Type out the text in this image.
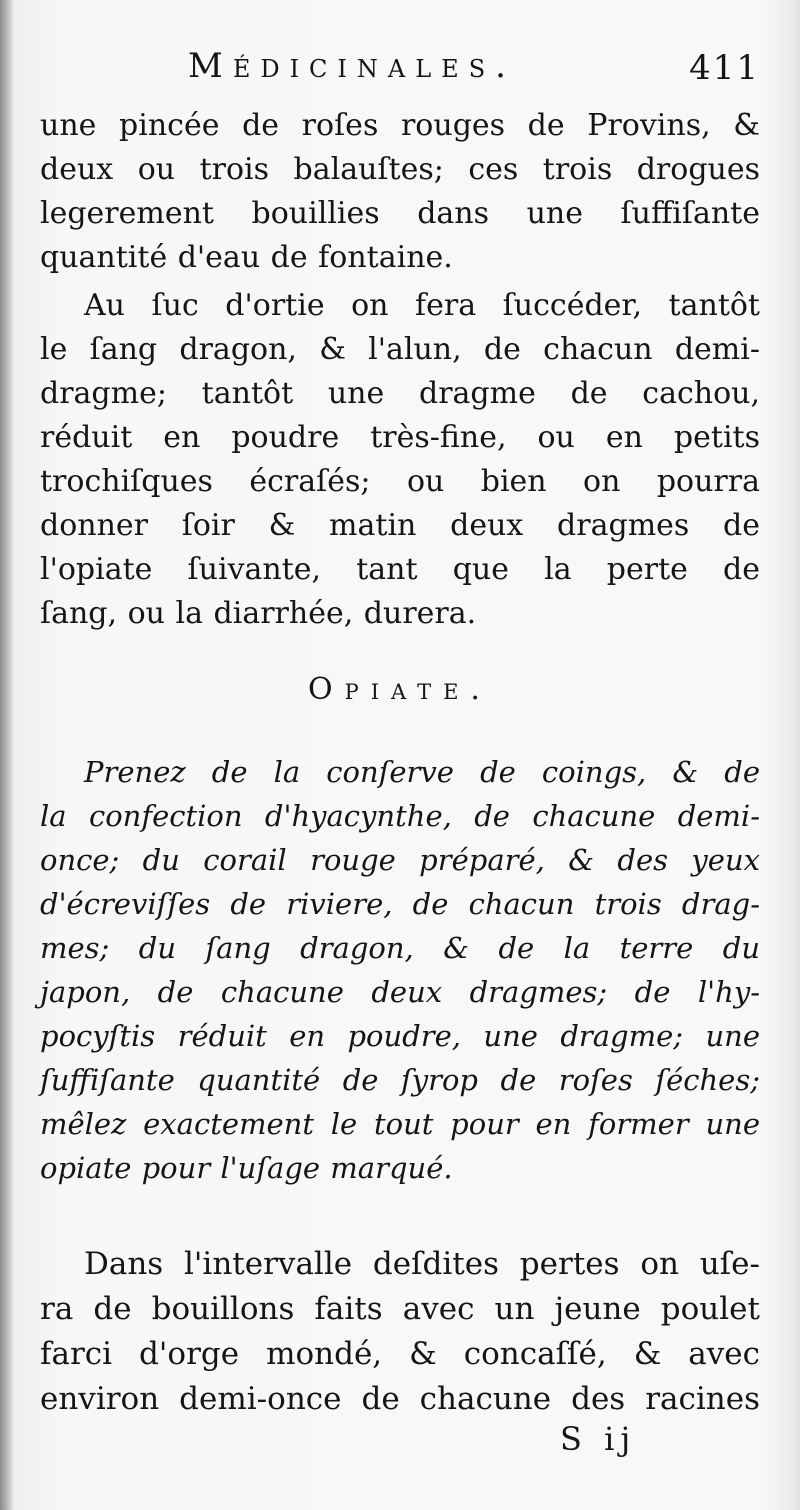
Médicinales.	411
une pincée de roſes rouges de Provins, &
deux ou trois balauſtes; ces trois drogues
legerement bouillies dans une ſuffiſante
quantité d'eau de fontaine.
Au ſuc d'ortie on fera ſuccéder, tantôt
le ſang dragon, & l'alun, de chacun demi-
dragme; tantôt une dragme de cachou,
réduit en poudre très-fine, ou en petits
trochiſques écraſés; ou bien on pourra
donner ſoir & matin deux dragmes de
l'opiate ſuivante, tant que la perte de
ſang, ou la diarrhée, durera.
Opiate.
Prenez de la conſerve de coings, & de
la confection d'hyacynthe, de chacune demi-
once; du corail rouge préparé, & des yeux
d'écreviſſes de riviere, de chacun trois drag-
mes; du ſang dragon, & de la terre du
japon, de chacune deux dragmes; de l'hy-
pocyſtis réduit en poudre, une dragme; une
ſuffiſante quantité de ſyrop de roſes ſéches;
mêlez exactement le tout pour en former une
opiate pour l'uſage marqué.
Dans l'intervalle deſdites pertes on uſe-
ra de bouillons faits avec un jeune poulet
farci d'orge mondé, & concaſſé, & avec
environ demi-once de chacune des racines
S ij
